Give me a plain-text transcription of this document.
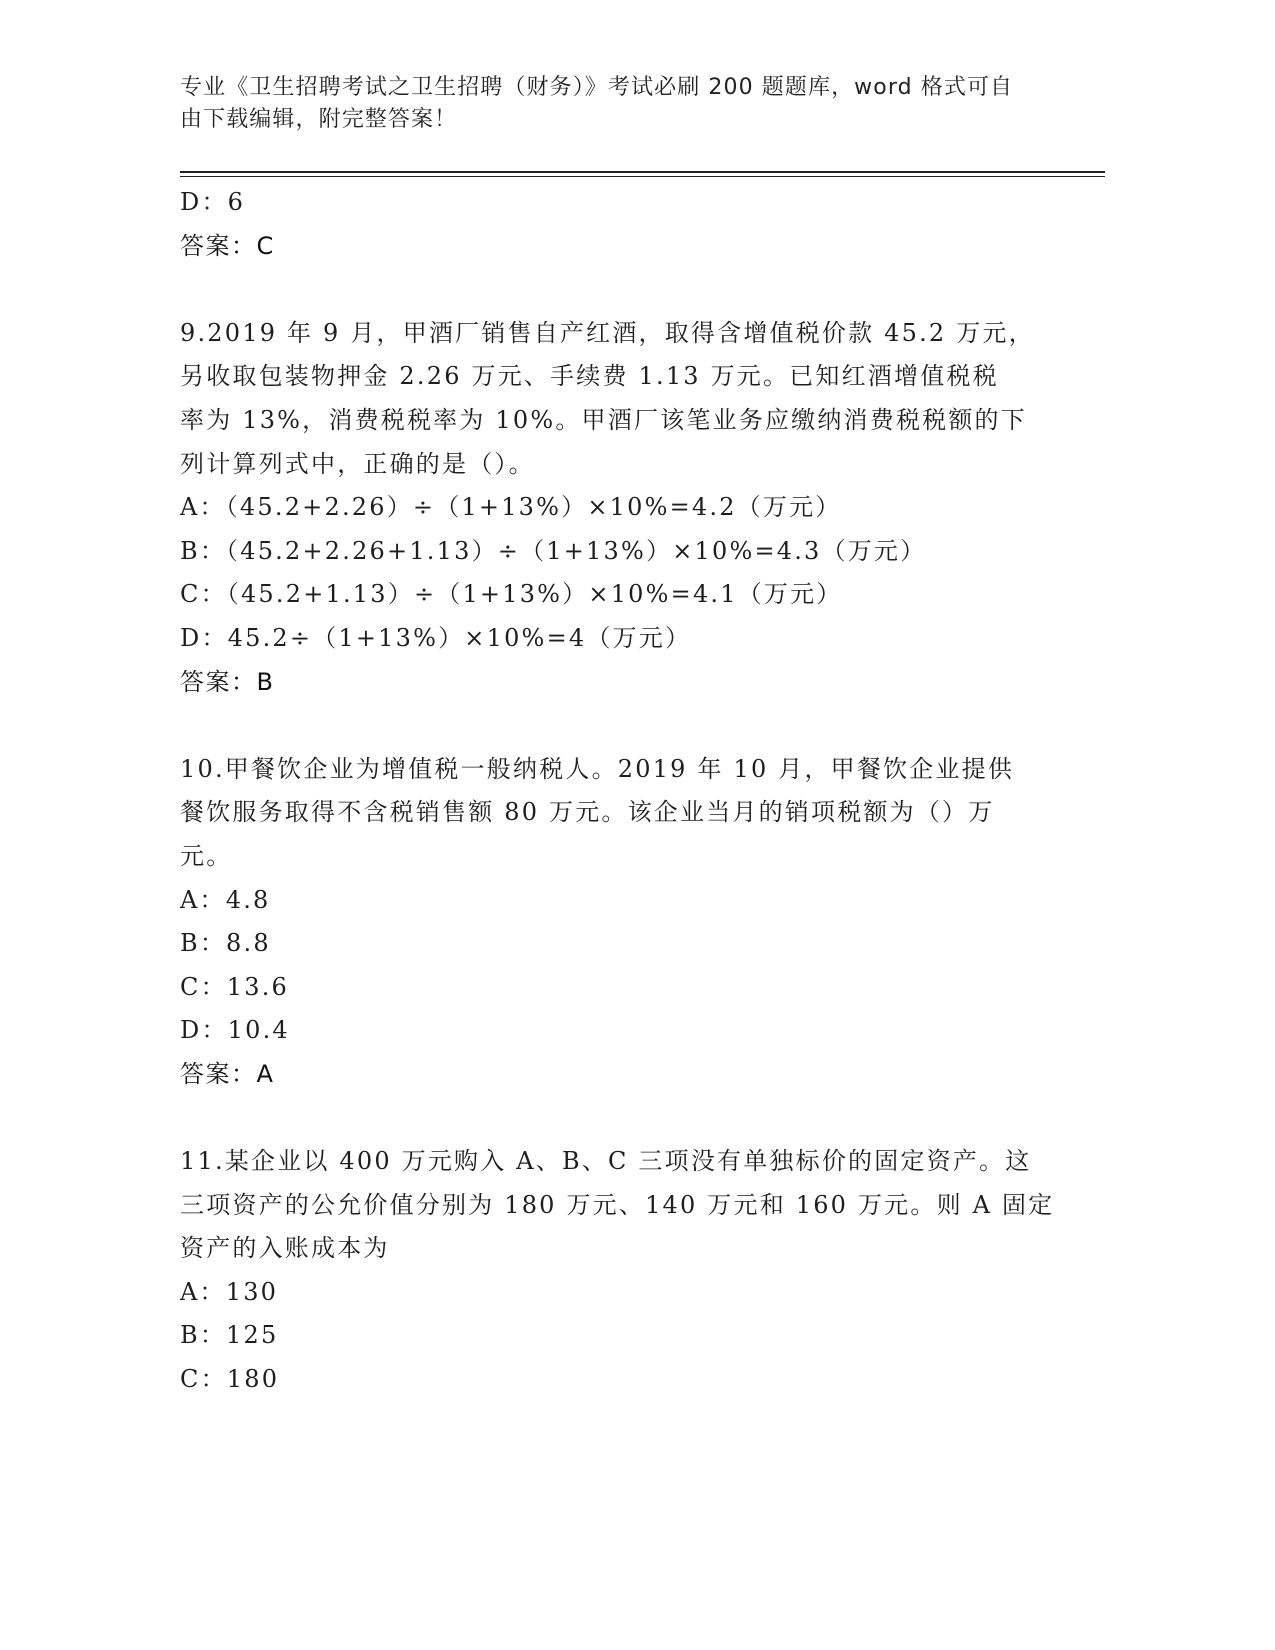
专业《卫生招聘考试之卫生招聘（财务）》考试必刷 200 题题库，word 格式可自
由下载编辑，附完整答案！
D：6
答案：C
9.2019 年 9 月，甲酒厂销售自产红酒，取得含增值税价款 45.2 万元，
另收取包装物押金 2.26 万元、手续费 1.13 万元。已知红酒增值税税
率为 13%，消费税税率为 10%。甲酒厂该笔业务应缴纳消费税税额的下
列计算列式中，正确的是（）。
A：（45.2+2.26）÷（1+13%）×10%=4.2（万元）
B：（45.2+2.26+1.13）÷（1+13%）×10%=4.3（万元）
C：（45.2+1.13）÷（1+13%）×10%=4.1（万元）
D：45.2÷（1+13%）×10%=4（万元）
答案：B
10.甲餐饮企业为增值税一般纳税人。2019 年 10 月，甲餐饮企业提供
餐饮服务取得不含税销售额 80 万元。该企业当月的销项税额为（）万
元。
A：4.8
B：8.8
C：13.6
D：10.4
答案：A
11.某企业以 400 万元购入 A、B、C 三项没有单独标价的固定资产。这
三项资产的公允价值分别为 180 万元、140 万元和 160 万元。则 A 固定
资产的入账成本为
A：130
B：125
C：180
